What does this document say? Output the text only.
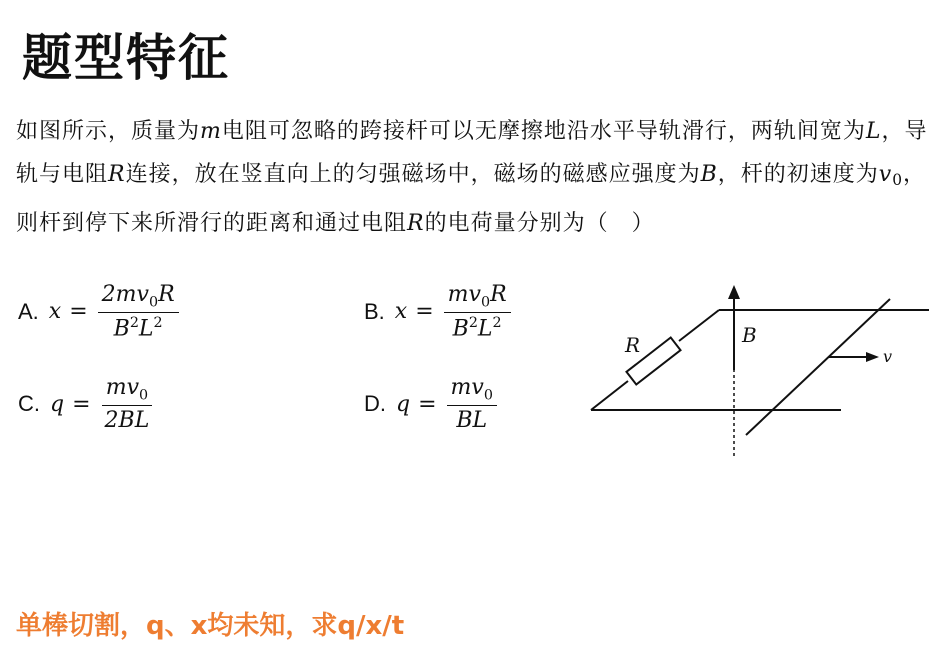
题型特征
如图所示，质量为m电阻可忽略的跨接杆可以无摩擦地沿水平导轨滑行，两轨间宽为L，导轨与电阻R连接，放在竖直向上的匀强磁场中，磁场的磁感应强度为B，杆的初速度为$v_0$，则杆到停下来所滑行的距离和通过电阻R的电荷量分别为（　）
A. $x = \frac{2mv_0R}{B^2L^2}$	B. $x = \frac{mv_0R}{B^2L^2}$
C. $q = \frac{mv_0}{2BL}$	D. $q = \frac{mv_0}{BL}$
R	B
v
单棒切割，q、x均未知，求q/x/t
